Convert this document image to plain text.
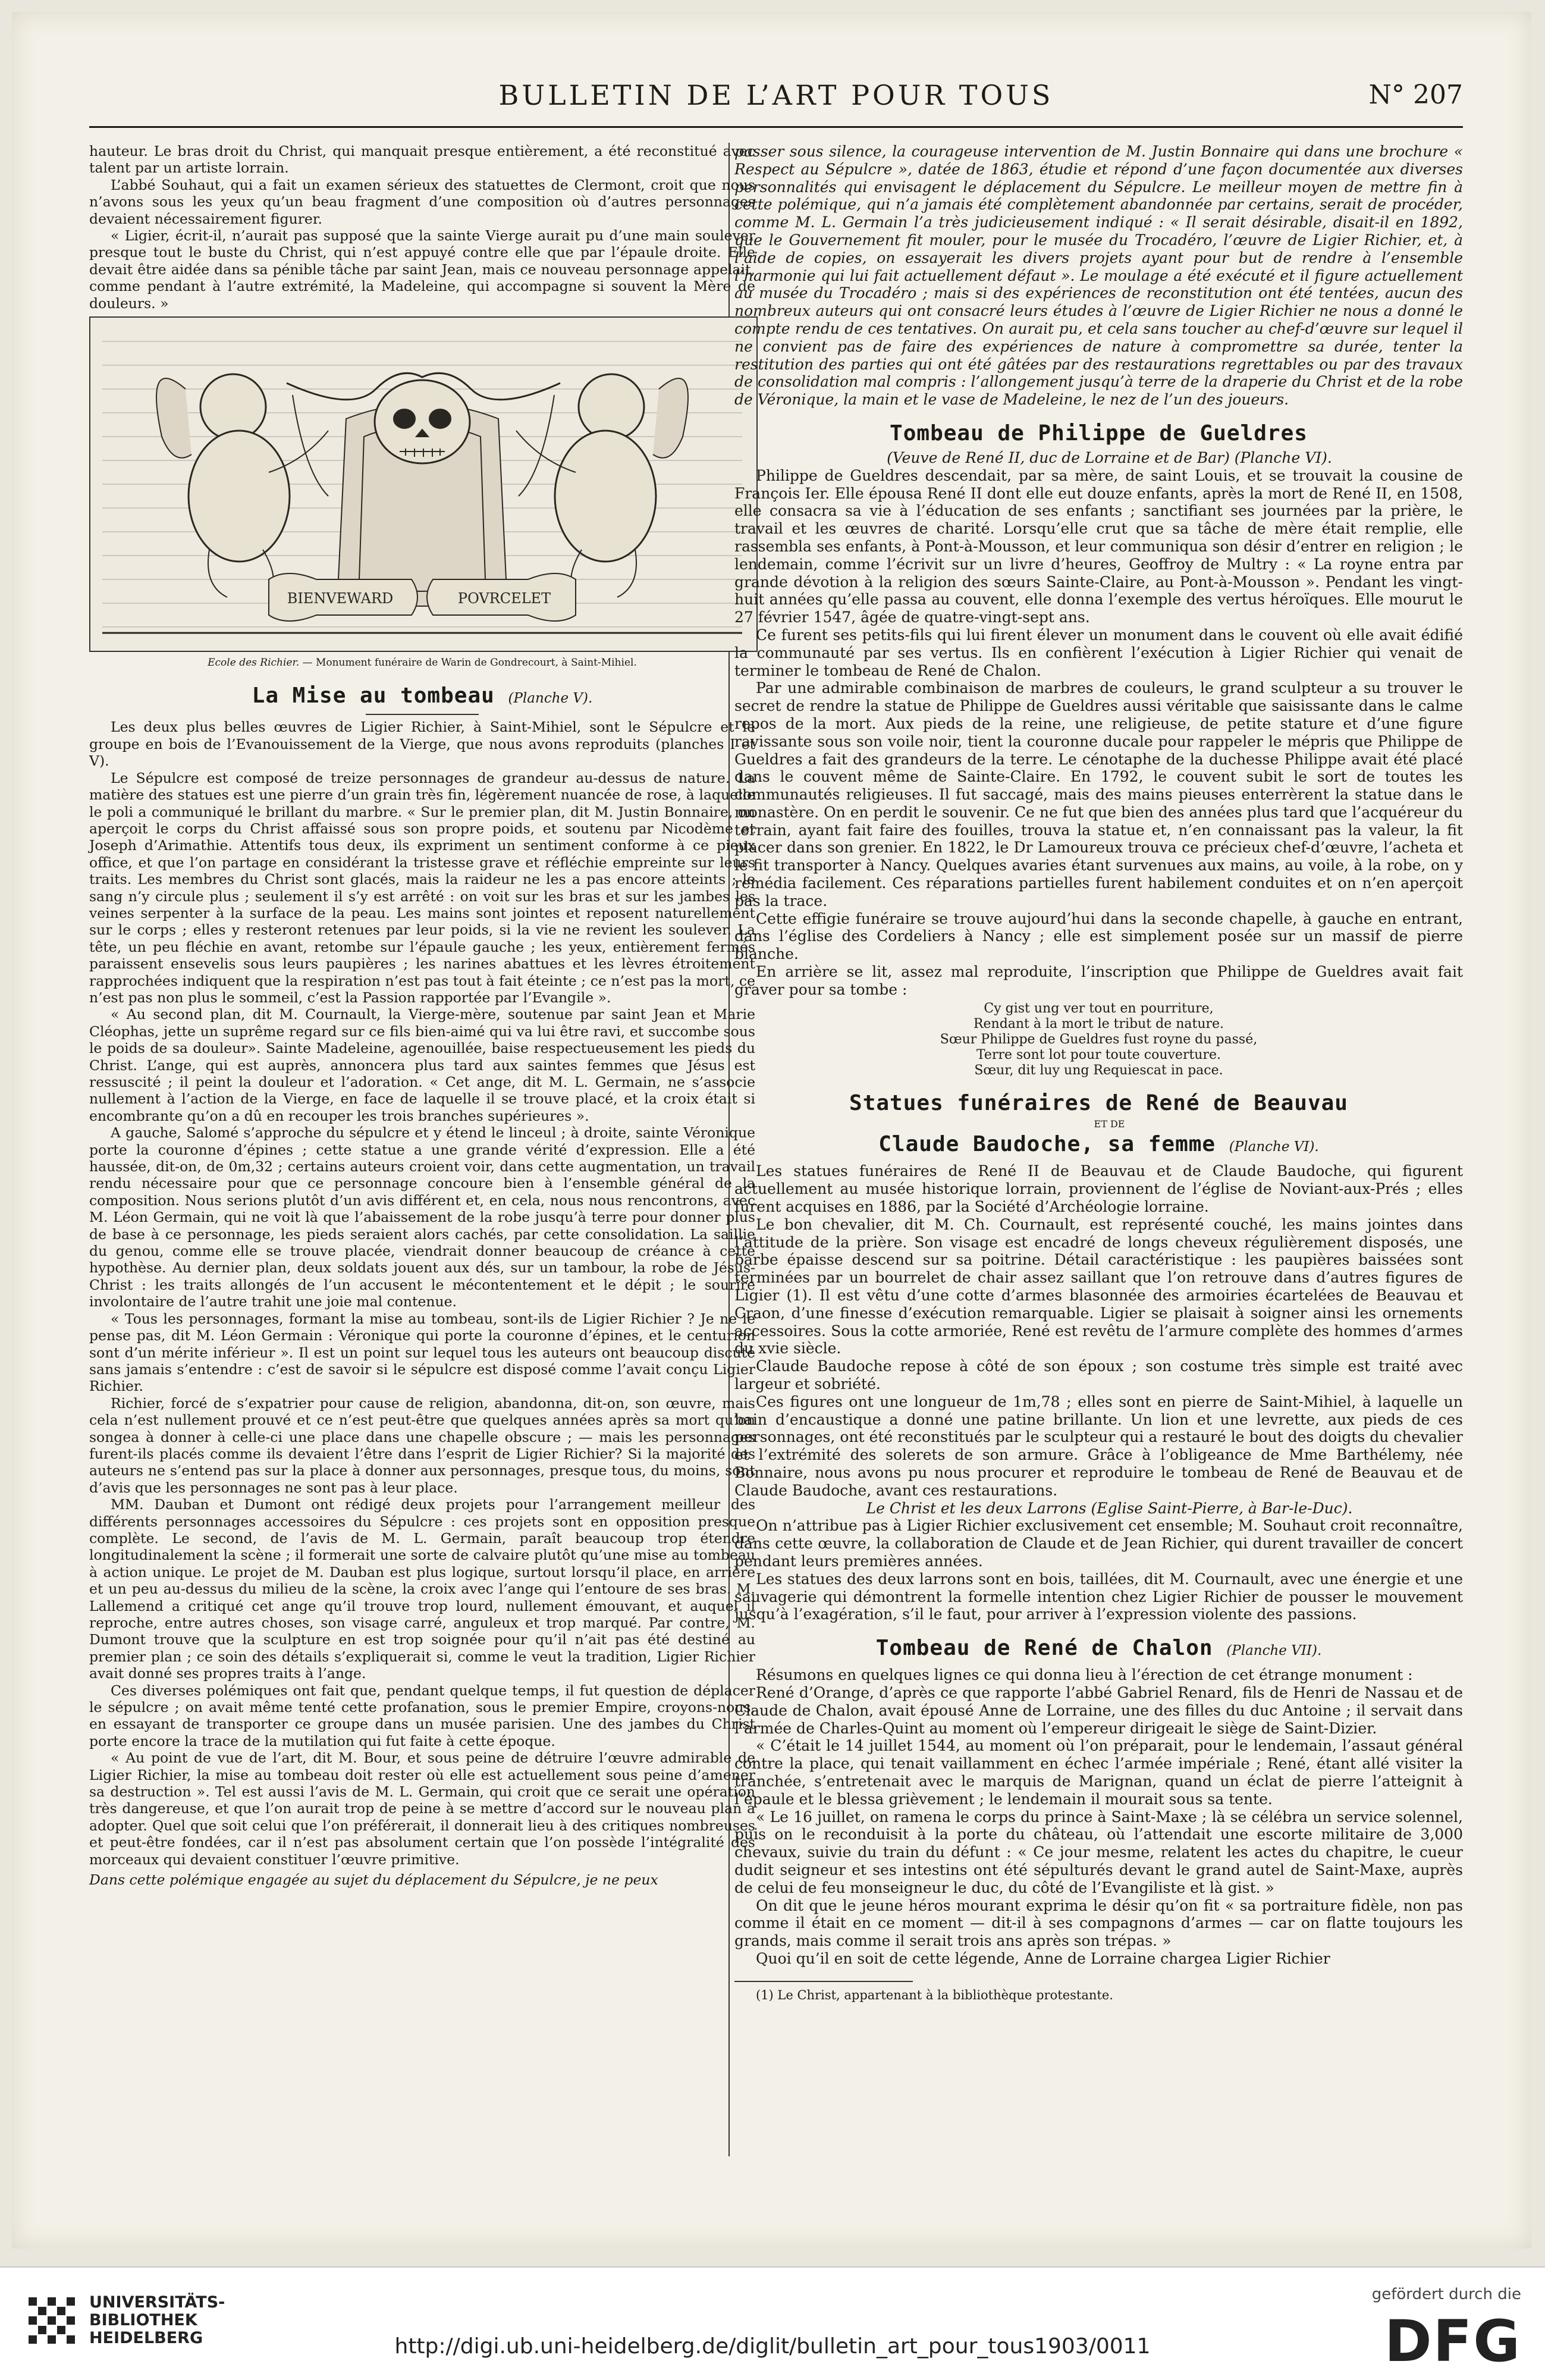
BULLETIN DE L’ART POUR TOUS	N° 207

hauteur. Le bras droit du Christ, qui manquait presque entièrement, a été reconstitué avec talent par un artiste lorrain.

L’abbé Souhaut, qui a fait un examen sérieux des statuettes de Clermont, croit que nous n’avons sous les yeux qu’un beau fragment d’une composition où d’autres personnages devaient nécessairement figurer.

« Ligier, écrit-il, n’aurait pas supposé que la sainte Vierge aurait pu d’une main soulever presque tout le buste du Christ, qui n’est appuyé contre elle que par l’épaule droite. Elle devait être aidée dans sa pénible tâche par saint Jean, mais ce nouveau personnage appelait, comme pendant à l’autre extrémité, la Madeleine, qui accompagne si souvent la Mère de douleurs. »

BIENVEWARD	POVRCELET
Ecole des Richier. — Monument funéraire de Warin de Gondrecourt, à Saint-Mihiel.
La Mise au tombeau (Planche V).

Les deux plus belles œuvres de Ligier Richier, à Saint-Mihiel, sont le Sépulcre et le groupe en bois de l’Evanouissement de la Vierge, que nous avons reproduits (planches I et V).

Le Sépulcre est composé de treize personnages de grandeur au-dessus de nature. La matière des statues est une pierre d’un grain très fin, légèrement nuancée de rose, à laquelle le poli a communiqué le brillant du marbre. « Sur le premier plan, dit M. Justin Bonnaire, on aperçoit le corps du Christ affaissé sous son propre poids, et soutenu par Nicodème et Joseph d’Arimathie. Attentifs tous deux, ils expriment un sentiment conforme à ce pieux office, et que l’on partage en considérant la tristesse grave et réfléchie empreinte sur leurs traits. Les membres du Christ sont glacés, mais la raideur ne les a pas encore atteints ; le sang n’y circule plus ; seulement il s’y est arrêté : on voit sur les bras et sur les jambes les veines serpenter à la surface de la peau. Les mains sont jointes et reposent naturellement sur le corps ; elles y resteront retenues par leur poids, si la vie ne revient les soulever. La tête, un peu fléchie en avant, retombe sur l’épaule gauche ; les yeux, entièrement fermés paraissent ensevelis sous leurs paupières ; les narines abattues et les lèvres étroitement rapprochées indiquent que la respiration n’est pas tout à fait éteinte ; ce n’est pas la mort, ce n’est pas non plus le sommeil, c’est la Passion rapportée par l’Evangile ».

« Au second plan, dit M. Cournault, la Vierge-mère, soutenue par saint Jean et Marie Cléophas, jette un suprême regard sur ce fils bien-aimé qui va lui être ravi, et succombe sous le poids de sa douleur». Sainte Madeleine, agenouillée, baise respectueusement les pieds du Christ. L’ange, qui est auprès, annoncera plus tard aux saintes femmes que Jésus est ressuscité ; il peint la douleur et l’adoration. « Cet ange, dit M. L. Germain, ne s’associe nullement à l’action de la Vierge, en face de laquelle il se trouve placé, et la croix était si encombrante qu’on a dû en recouper les trois branches supérieures ».

A gauche, Salomé s’approche du sépulcre et y étend le linceul ; à droite, sainte Véronique porte la couronne d’épines ; cette statue a une grande vérité d’expression. Elle a été haussée, dit-on, de 0m,32 ; certains auteurs croient voir, dans cette augmentation, un travail rendu nécessaire pour que ce personnage concoure bien à l’ensemble général de la composition. Nous serions plutôt d’un avis différent et, en cela, nous nous rencontrons, avec M. Léon Germain, qui ne voit là que l’abaissement de la robe jusqu’à terre pour donner plus de base à ce personnage, les pieds seraient alors cachés, par cette consolidation. La saillie du genou, comme elle se trouve placée, viendrait donner beaucoup de créance à cette hypothèse. Au dernier plan, deux soldats jouent aux dés, sur un tambour, la robe de Jésus-Christ : les traits allongés de l’un accusent le mécontentement et le dépit ; le sourire involontaire de l’autre trahit une joie mal contenue.

« Tous les personnages, formant la mise au tombeau, sont-ils de Ligier Richier ? Je ne le pense pas, dit M. Léon Germain : Véronique qui porte la couronne d’épines, et le centurion sont d’un mérite inférieur ». Il est un point sur lequel tous les auteurs ont beaucoup discuté sans jamais s’entendre : c’est de savoir si le sépulcre est disposé comme l’avait conçu Ligier Richier.

Richier, forcé de s’expatrier pour cause de religion, abandonna, dit-on, son œuvre, mais cela n’est nullement prouvé et ce n’est peut-être que quelques années après sa mort qu’on songea à donner à celle-ci une place dans une chapelle obscure ; — mais les personnages furent-ils placés comme ils devaient l’être dans l’esprit de Ligier Richier? Si la majorité des auteurs ne s’entend pas sur la place à donner aux personnages, presque tous, du moins, sont d’avis que les personnages ne sont pas à leur place.

MM. Dauban et Dumont ont rédigé deux projets pour l’arrangement meilleur des différents personnages accessoires du Sépulcre : ces projets sont en opposition presque complète. Le second, de l’avis de M. L. Germain, paraît beaucoup trop étendre longitudinalement la scène ; il formerait une sorte de calvaire plutôt qu’une mise au tombeau à action unique. Le projet de M. Dauban est plus logique, surtout lorsqu’il place, en arrière et un peu au-dessus du milieu de la scène, la croix avec l’ange qui l’entoure de ses bras. M. Lallemend a critiqué cet ange qu’il trouve trop lourd, nullement émouvant, et auquel il reproche, entre autres choses, son visage carré, anguleux et trop marqué. Par contre, M. Dumont trouve que la sculpture en est trop soignée pour qu’il n’ait pas été destiné au premier plan ; ce soin des détails s’expliquerait si, comme le veut la tradition, Ligier Richier avait donné ses propres traits à l’ange.

Ces diverses polémiques ont fait que, pendant quelque temps, il fut question de déplacer le sépulcre ; on avait même tenté cette profanation, sous le premier Empire, croyons-nous, en essayant de transporter ce groupe dans un musée parisien. Une des jambes du Christ porte encore la trace de la mutilation qui fut faite à cette époque.

« Au point de vue de l’art, dit M. Bour, et sous peine de détruire l’œuvre admirable de Ligier Richier, la mise au tombeau doit rester où elle est actuellement sous peine d’amener sa destruction ». Tel est aussi l’avis de M. L. Germain, qui croit que ce serait une opération très dangereuse, et que l’on aurait trop de peine à se mettre d’accord sur le nouveau plan à adopter. Quel que soit celui que l’on préférerait, il donnerait lieu à des critiques nombreuses et peut-être fondées, car il n’est pas absolument certain que l’on possède l’intégralité des morceaux qui devaient constituer l’œuvre primitive.

Dans cette polémique engagée au sujet du déplacement du Sépulcre, je ne peux

passer sous silence, la courageuse intervention de M. Justin Bonnaire qui dans une brochure « Respect au Sépulcre », datée de 1863, étudie et répond d’une façon documentée aux diverses personnalités qui envisagent le déplacement du Sépulcre. Le meilleur moyen de mettre fin à cette polémique, qui n’a jamais été complètement abandonnée par certains, serait de procéder, comme M. L. Germain l’a très judicieusement indiqué : « Il serait désirable, disait-il en 1892, que le Gouvernement fit mouler, pour le musée du Trocadéro, l’œuvre de Ligier Richier, et, à l’aide de copies, on essayerait les divers projets ayant pour but de rendre à l’ensemble l’harmonie qui lui fait actuellement défaut ». Le moulage a été exécuté et il figure actuellement au musée du Trocadéro ; mais si des expériences de reconstitution ont été tentées, aucun des nombreux auteurs qui ont consacré leurs études à l’œuvre de Ligier Richier ne nous a donné le compte rendu de ces tentatives. On aurait pu, et cela sans toucher au chef-d’œuvre sur lequel il ne convient pas de faire des expériences de nature à compromettre sa durée, tenter la restitution des parties qui ont été gâtées par des restaurations regrettables ou par des travaux de consolidation mal compris : l’allongement jusqu’à terre de la draperie du Christ et de la robe de Véronique, la main et le vase de Madeleine, le nez de l’un des joueurs.

Tombeau de Philippe de Gueldres

(Veuve de René II, duc de Lorraine et de Bar) (Planche VI).

Philippe de Gueldres descendait, par sa mère, de saint Louis, et se trouvait la cousine de François Ier. Elle épousa René II dont elle eut douze enfants, après la mort de René II, en 1508, elle consacra sa vie à l’éducation de ses enfants ; sanctifiant ses journées par la prière, le travail et les œuvres de charité. Lorsqu’elle crut que sa tâche de mère était remplie, elle rassembla ses enfants, à Pont-à-Mousson, et leur communiqua son désir d’entrer en religion ; le lendemain, comme l’écrivit sur un livre d’heures, Geoffroy de Multry : « La royne entra par grande dévotion à la religion des sœurs Sainte-Claire, au Pont-à-Mousson ». Pendant les vingt-huit années qu’elle passa au couvent, elle donna l’exemple des vertus héroïques. Elle mourut le 27 février 1547, âgée de quatre-vingt-sept ans.

Ce furent ses petits-fils qui lui firent élever un monument dans le couvent où elle avait édifié la communauté par ses vertus. Ils en confièrent l’exécution à Ligier Richier qui venait de terminer le tombeau de René de Chalon.

Par une admirable combinaison de marbres de couleurs, le grand sculpteur a su trouver le secret de rendre la statue de Philippe de Gueldres aussi véritable que saisissante dans le calme repos de la mort. Aux pieds de la reine, une religieuse, de petite stature et d’une figure ravissante sous son voile noir, tient la couronne ducale pour rappeler le mépris que Philippe de Gueldres a fait des grandeurs de la terre. Le cénotaphe de la duchesse Philippe avait été placé dans le couvent même de Sainte-Claire. En 1792, le couvent subit le sort de toutes les communautés religieuses. Il fut saccagé, mais des mains pieuses enterrèrent la statue dans le monastère. On en perdit le souvenir. Ce ne fut que bien des années plus tard que l’acquéreur du terrain, ayant fait faire des fouilles, trouva la statue et, n’en connaissant pas la valeur, la fit placer dans son grenier. En 1822, le Dr Lamoureux trouva ce précieux chef-d’œuvre, l’acheta et le fit transporter à Nancy. Quelques avaries étant survenues aux mains, au voile, à la robe, on y remédia facilement. Ces réparations partielles furent habilement conduites et on n’en aperçoit pas la trace.

Cette effigie funéraire se trouve aujourd’hui dans la seconde chapelle, à gauche en entrant, dans l’église des Cordeliers à Nancy ; elle est simplement posée sur un massif de pierre blanche.

En arrière se lit, assez mal reproduite, l’inscription que Philippe de Gueldres avait fait graver pour sa tombe :

Cy gist ung ver tout en pourriture,
Rendant à la mort le tribut de nature.
Sœur Philippe de Gueldres fust royne du passé,
Terre sont lot pour toute couverture.
Sœur, dit luy ung Requiescat in pace.
Statues funéraires de René de Beauvau

ET DE

Claude Baudoche, sa femme (Planche VI).

Les statues funéraires de René II de Beauvau et de Claude Baudoche, qui figurent actuellement au musée historique lorrain, proviennent de l’église de Noviant-aux-Prés ; elles furent acquises en 1886, par la Société d’Archéologie lorraine.

Le bon chevalier, dit M. Ch. Cournault, est représenté couché, les mains jointes dans l’attitude de la prière. Son visage est encadré de longs cheveux régulièrement disposés, une barbe épaisse descend sur sa poitrine. Détail caractéristique : les paupières baissées sont terminées par un bourrelet de chair assez saillant que l’on retrouve dans d’autres figures de Ligier (1). Il est vêtu d’une cotte d’armes blasonnée des armoiries écartelées de Beauvau et Craon, d’une finesse d’exécution remarquable. Ligier se plaisait à soigner ainsi les ornements accessoires. Sous la cotte armoriée, René est revêtu de l’armure complète des hommes d’armes du xvie siècle.

Claude Baudoche repose à côté de son époux ; son costume très simple est traité avec largeur et sobriété.

Ces figures ont une longueur de 1m,78 ; elles sont en pierre de Saint-Mihiel, à laquelle un bain d’encaustique a donné une patine brillante. Un lion et une levrette, aux pieds de ces personnages, ont été reconstitués par le sculpteur qui a restauré le bout des doigts du chevalier et l’extrémité des solerets de son armure. Grâce à l’obligeance de Mme Barthélemy, née Bonnaire, nous avons pu nous procurer et reproduire le tombeau de René de Beauvau et de Claude Baudoche, avant ces restaurations.

Le Christ et les deux Larrons (Eglise Saint-Pierre, à Bar-le-Duc).

On n’attribue pas à Ligier Richier exclusivement cet ensemble; M. Souhaut croit reconnaître, dans cette œuvre, la collaboration de Claude et de Jean Richier, qui durent travailler de concert pendant leurs premières années.

Les statues des deux larrons sont en bois, taillées, dit M. Cournault, avec une énergie et une sauvagerie qui démontrent la formelle intention chez Ligier Richier de pousser le mouvement jusqu’à l’exagération, s’il le faut, pour arriver à l’expression violente des passions.

Tombeau de René de Chalon (Planche VII).

Résumons en quelques lignes ce qui donna lieu à l’érection de cet étrange monument :

René d’Orange, d’après ce que rapporte l’abbé Gabriel Renard, fils de Henri de Nassau et de Claude de Chalon, avait épousé Anne de Lorraine, une des filles du duc Antoine ; il servait dans l’armée de Charles-Quint au moment où l’empereur dirigeait le siège de Saint-Dizier.

« C’était le 14 juillet 1544, au moment où l’on préparait, pour le lendemain, l’assaut général contre la place, qui tenait vaillamment en échec l’armée impériale ; René, étant allé visiter la tranchée, s’entretenait avec le marquis de Marignan, quand un éclat de pierre l’atteignit à l’épaule et le blessa grièvement ; le lendemain il mourait sous sa tente.

« Le 16 juillet, on ramena le corps du prince à Saint-Maxe ; là se célébra un service solennel, puis on le reconduisit à la porte du château, où l’attendait une escorte militaire de 3,000 chevaux, suivie du train du défunt : « Ce jour mesme, relatent les actes du chapitre, le cueur dudit seigneur et ses intestins ont été sépulturés devant le grand autel de Saint-Maxe, auprès de celui de feu monseigneur le duc, du côté de l’Evangiliste et là gist. »

On dit que le jeune héros mourant exprima le désir qu’on fit « sa portraiture fidèle, non pas comme il était en ce moment — dit-il à ses compagnons d’armes — car on flatte toujours les grands, mais comme il serait trois ans après son trépas. »

Quoi qu’il en soit de cette légende, Anne de Lorraine chargea Ligier Richier

(1) Le Christ, appartenant à la bibliothèque protestante.

UNIVERSITÄTS-
BIBLIOTHEK
HEIDELBERG	http://digi.ub.uni-heidelberg.de/diglit/bulletin_art_pour_tous1903/0011
gefördert durch die
DFG
